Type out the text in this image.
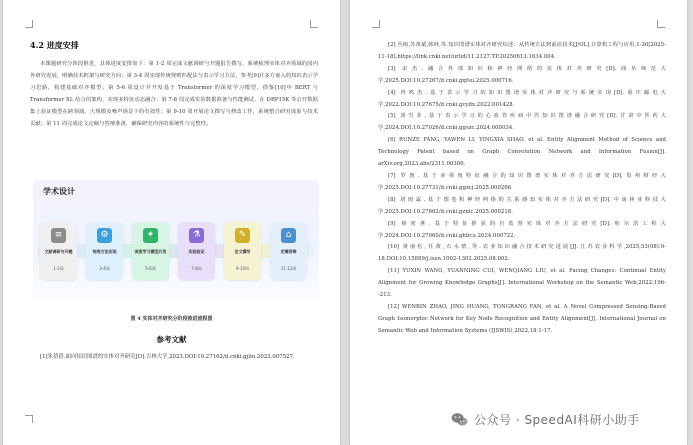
4.2 进度安排
本课题研究分阶段推进，具体进度安排如下：第 1-2 周完成文献调研与开题报告撰写，系统梳理实体对齐领域的国内外研究进展，明确技术框架与研究方向；第 3-4 周实现传统规则匹配法与表示学习方法，参考[9]并多方嵌入的知识表示学习思路，构建基础对齐模型；第 5-6 周设计并开发基于 Transformer 的深度学习模型，借鉴[10]中 BERT 与 Transformer XL 结合的架构，实现多特征动态融合；第 7-8 周完成实验数据准备与性能测试，在 DBP15K 等公开数据集上验证模型在跨领域、大规模及噪声场景下的有效性；第 9-10 周开展论文撰写与修改工作，系统整合研究成果与技术贡献；第 11 周完成论文定稿与答辩准备，确保研究内容的系统性与完整性。
学术设计
≡
文献调研与开题
1-2周
⚙
传统方法实现
3-4周
✦
深度学习模型开发
5-6周
⚗
实验验证
7-8周
✎
论文撰写
9-10周
⌂
定稿答辩
11-12周
图 4 实体对齐研究分阶段推进流程图
参考文献
[1]朱蓓蓓.面向知识图谱的实体对齐研究[D].吉林大学,2023.DOI:10.27162/d.cnki.gjlin.2023.007527.

[2] 丛榕,苏黄斌,韩林,等.知识图谱实体对齐研究综述：从传统方法到前沿技术[J/OL].计算机工程与应用,1-26[2025-11-18].https://link.cnki.net/urlid/11.2127.TP.20250613.1634.004.

[3] 宋杰.融合外部知识和神经网络的实体对齐研究[D].曲阜师范大学,2025.DOI:10.27267/d.cnki.gqfsu.2025.000716.

[4] 胥鸣杰.基于表示学习的知识图谱实体对齐研究与系统实现[D].重庆邮电大学,2022.DOI:10.27675/d.cnki.gcydx.2022.001428.

[5] 刘雪菲.基于表示学习的心血管疾病中医知识图谱融合研究[D].甘肃中医药大学,2024.DOI:10.27026/d.cnki.ggszc.2024.000034.

[6] RUNZE FANG, YAWEN LI, YINGXIA SHAO, et al. Entity Alignment Method of Science and Technology Patent based on Graph Convolution Network and Information Fusion[J]. arXiv.org,2023,abs/2311.00300.

[7] 罗惠.基于多视角特征融合的知识图谱实体对齐方法研究[D].贵州财经大学,2025.DOI:10.27731/d.cnki.ggzcj.2025.000266.

[8] 刘雨霖.基于图卷积神经网络的关系感知实体对齐方法研究[D].中南林业科技大学,2025.DOI:10.27662/d.cnki.gznlc.2025.000218.

[9] 杨密荛.基于特征推获的自监督实体对齐方法研究[D].哈尔滨工程大学,2024.DOI:10.27060/d.cnki.ghbcu.2024.000722.

[10] 黄丽松,任黄,石水情,等.农业知识融合技术研究进展[J].江苏农业科学,2025,53(08):9-18.DOI:10.15889/j.issn.1002-1302.2025.08.002.

[11] YUXIN WANG, YUANNING CUI, WENQIANG LIU, et al. Facing Changes: Continual Entity Alignment for Growing Knowledge Graphs[J]. International Workshop on the Semantic Web,2022:196--213.

[12] WENBIN ZHAO, JING HUANG, TONGRANG FAN, et al. A Novel Compressed Sensing-Based Graph Isomorphic Network for Key Node Recognition and Entity Alignment[J]. International Journal on Semantic Web and Information Systems (IJSWIS),2022,18:1-17.

公众号 · SpeedAI科研小助手
